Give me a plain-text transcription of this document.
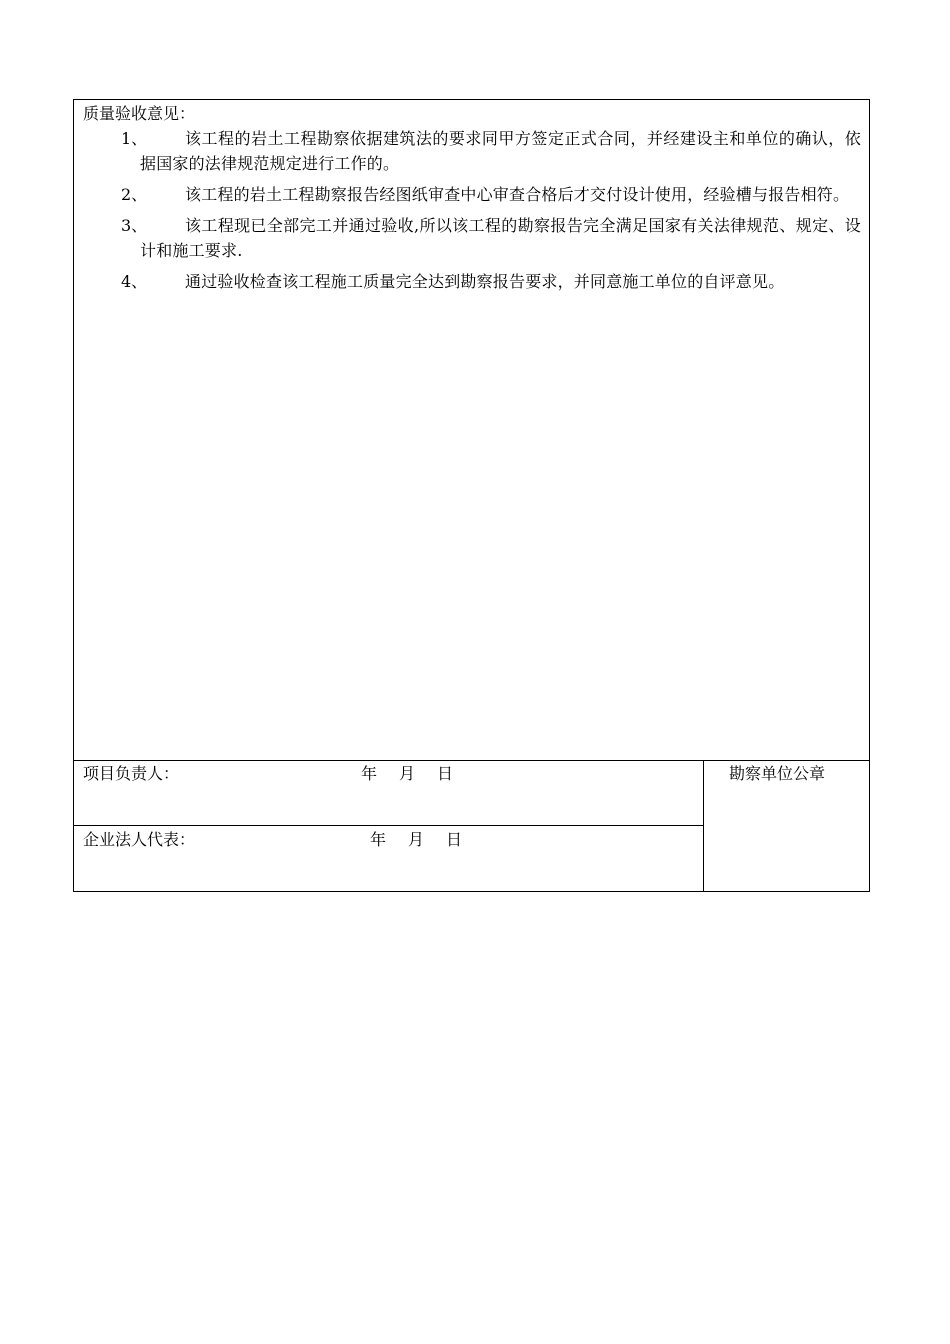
质量验收意见：
1、	该工程的岩土工程勘察依据建筑法的要求同甲方签定正式合同，并经建设主和单位的确认，依据国家的法律规范规定进行工作的。
2、	该工程的岩土工程勘察报告经图纸审查中心审查合格后才交付设计使用，经验槽与报告相符。
3、	该工程现已全部完工并通过验收,所以该工程的勘察报告完全满足国家有关法律规范、规定、设计和施工要求.
4、	通过验收检查该工程施工质量完全达到勘察报告要求，并同意施工单位的自评意见。
项目负责人：	年 月 日
企业法人代表：	年 月 日
勘察单位公章
